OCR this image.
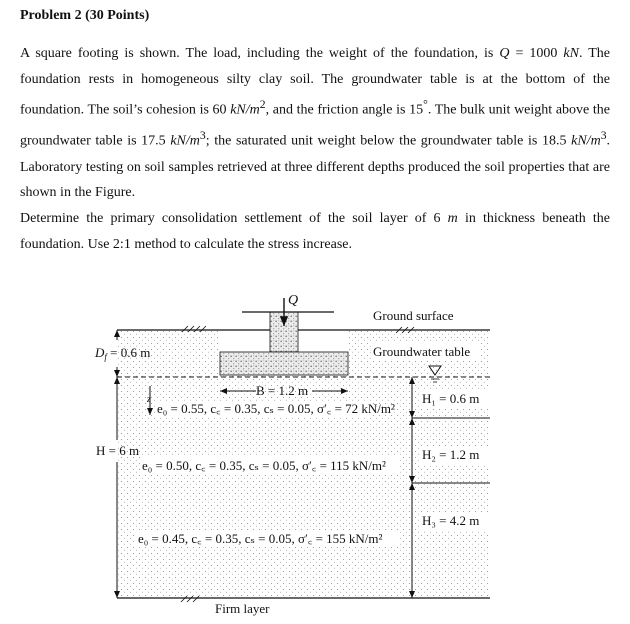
Problem 2 (30 Points)

A square footing is shown. The load, including the weight of the foundation, is Q = 1000 kN. The foundation rests in homogeneous silty clay soil. The groundwater table is at the bottom of the foundation. The soil’s cohesion is 60 $kN/m^2$, and the friction angle is 15°. The bulk unit weight above the groundwater table is 17.5 $kN/m^3$; the saturated unit weight below the groundwater table is 18.5 $kN/m^3$. Laboratory testing on soil samples retrieved at three different depths produced the soil properties that are shown in the Figure.

Determine the primary consolidation settlement of the soil layer of 6 m in thickness beneath the foundation. Use 2:1 method to calculate the stress increase.

Q
$D_f = 0.6$ m
B = 1.2 m
z
H = 6 m
Ground surface
Groundwater table
H₁ = 0.6 m
H₂ = 1.2 m
H₃ = 4.2 m
e₀ = 0.55, c꜀ = 0.35, cₛ = 0.05, σ′꜀ = 72 kN/m²
e₀ = 0.50, c꜀ = 0.35, cₛ = 0.05, σ′꜀ = 115 kN/m²
e₀ = 0.45, c꜀ = 0.35, cₛ = 0.05, σ′꜀ = 155 kN/m²
Firm layer
